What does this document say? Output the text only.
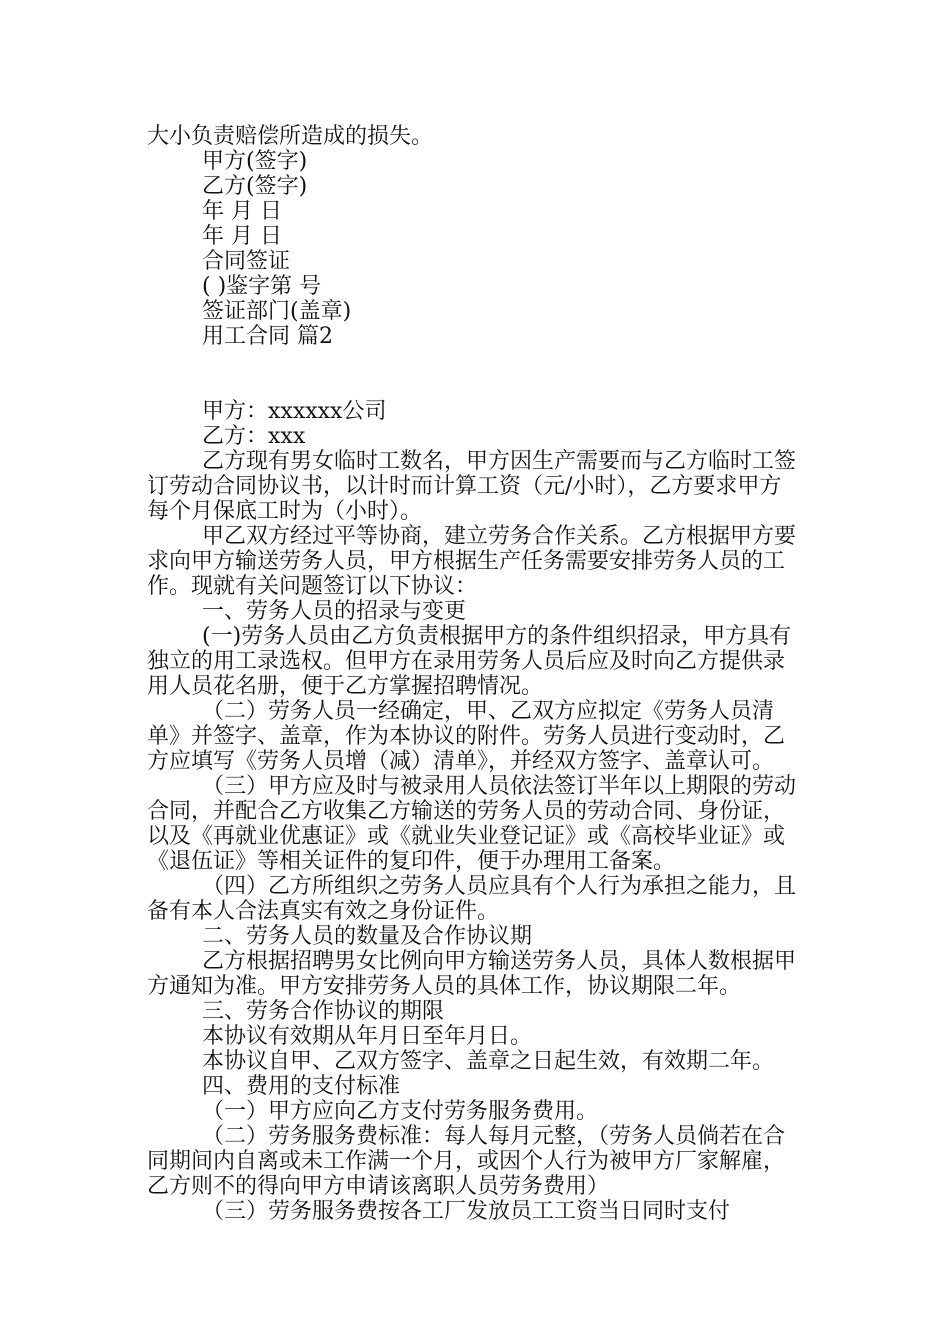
大小负责赔偿所造成的损失。
甲方(签字)
乙方(签字)
年 月 日
年 月 日
合同签证
( )鉴字第 号
签证部门(盖章)
用工合同 篇2
甲方：xxxxxx公司
乙方：xxx
乙方现有男女临时工数名，甲方因生产需要而与乙方临时工签
订劳动合同协议书，以计时而计算工资（元/小时），乙方要求甲方
每个月保底工时为（小时）。
甲乙双方经过平等协商，建立劳务合作关系。乙方根据甲方要
求向甲方输送劳务人员，甲方根据生产任务需要安排劳务人员的工
作。现就有关问题签订以下协议：
一、劳务人员的招录与变更
(一)劳务人员由乙方负责根据甲方的条件组织招录，甲方具有
独立的用工录选权。但甲方在录用劳务人员后应及时向乙方提供录
用人员花名册，便于乙方掌握招聘情况。
（二）劳务人员一经确定，甲、乙双方应拟定《劳务人员清
单》并签字、盖章，作为本协议的附件。劳务人员进行变动时，乙
方应填写《劳务人员增（减）清单》，并经双方签字、盖章认可。
（三）甲方应及时与被录用人员依法签订半年以上期限的劳动
合同，并配合乙方收集乙方输送的劳务人员的劳动合同、身份证，
以及《再就业优惠证》或《就业失业登记证》或《高校毕业证》或
《退伍证》等相关证件的复印件，便于办理用工备案。
（四）乙方所组织之劳务人员应具有个人行为承担之能力，且
备有本人合法真实有效之身份证件。
二、劳务人员的数量及合作协议期
乙方根据招聘男女比例向甲方输送劳务人员，具体人数根据甲
方通知为准。甲方安排劳务人员的具体工作，协议期限二年。
三、劳务合作协议的期限
本协议有效期从年月日至年月日。
本协议自甲、乙双方签字、盖章之日起生效，有效期二年。
四、费用的支付标准
（一）甲方应向乙方支付劳务服务费用。
（二）劳务服务费标准：每人每月元整，（劳务人员倘若在合
同期间内自离或未工作满一个月，或因个人行为被甲方厂家解雇，
乙方则不的得向甲方申请该离职人员劳务费用）
（三）劳务服务费按各工厂发放员工工资当日同时支付
